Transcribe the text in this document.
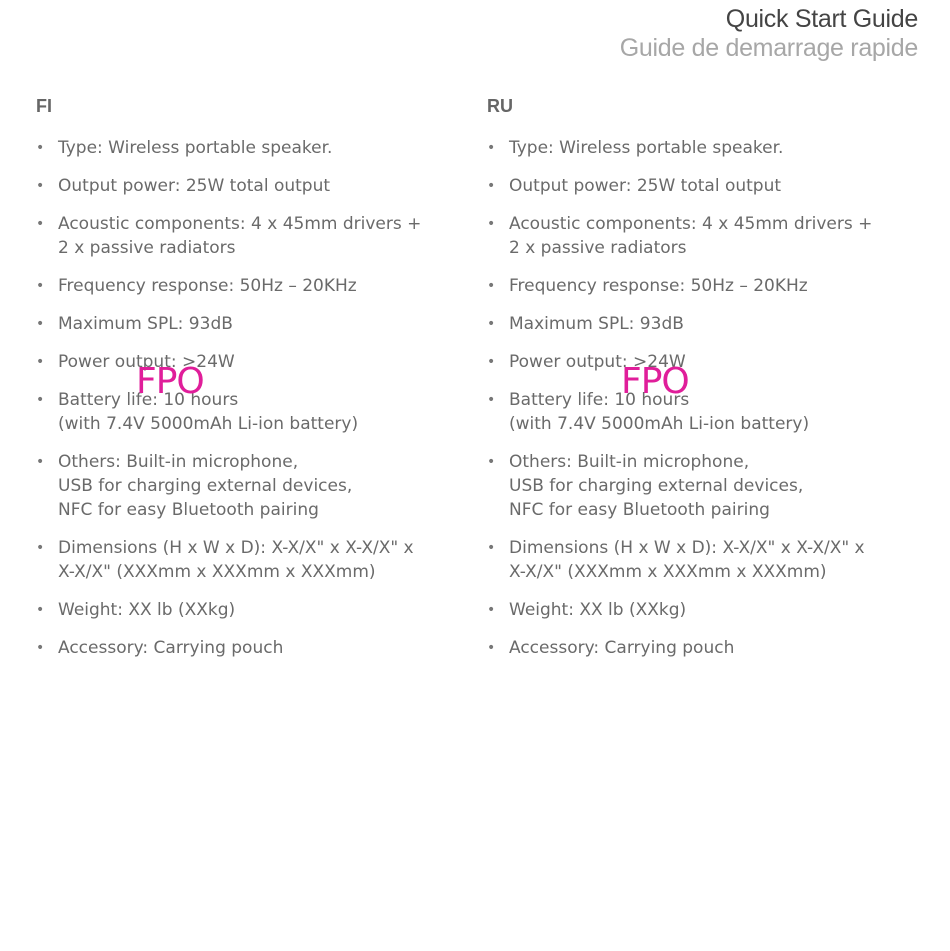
Quick Start Guide
Guide de demarrage rapide
FI
• Type: Wireless portable speaker.
• Output power: 25W total output
• Acoustic components: 4 x 45mm drivers +
2 x passive radiators
• Frequency response: 50Hz – 20KHz
• Maximum SPL: 93dB
• Power output: >24W
• Battery life: 10 hours
(with 7.4V 5000mAh Li-ion battery)
• Others: Built-in microphone,
USB for charging external devices,
NFC for easy Bluetooth pairing
• Dimensions (H x W x D): X-X/X" x X-X/X" x
X-X/X" (XXXmm x XXXmm x XXXmm)
• Weight: XX lb (XXkg)
• Accessory: Carrying pouch
RU
• Type: Wireless portable speaker.
• Output power: 25W total output
• Acoustic components: 4 x 45mm drivers +
2 x passive radiators
• Frequency response: 50Hz – 20KHz
• Maximum SPL: 93dB
• Power output: >24W
• Battery life: 10 hours
(with 7.4V 5000mAh Li-ion battery)
• Others: Built-in microphone,
USB for charging external devices,
NFC for easy Bluetooth pairing
• Dimensions (H x W x D): X-X/X" x X-X/X" x
X-X/X" (XXXmm x XXXmm x XXXmm)
• Weight: XX lb (XXkg)
• Accessory: Carrying pouch
FPO	FPO
